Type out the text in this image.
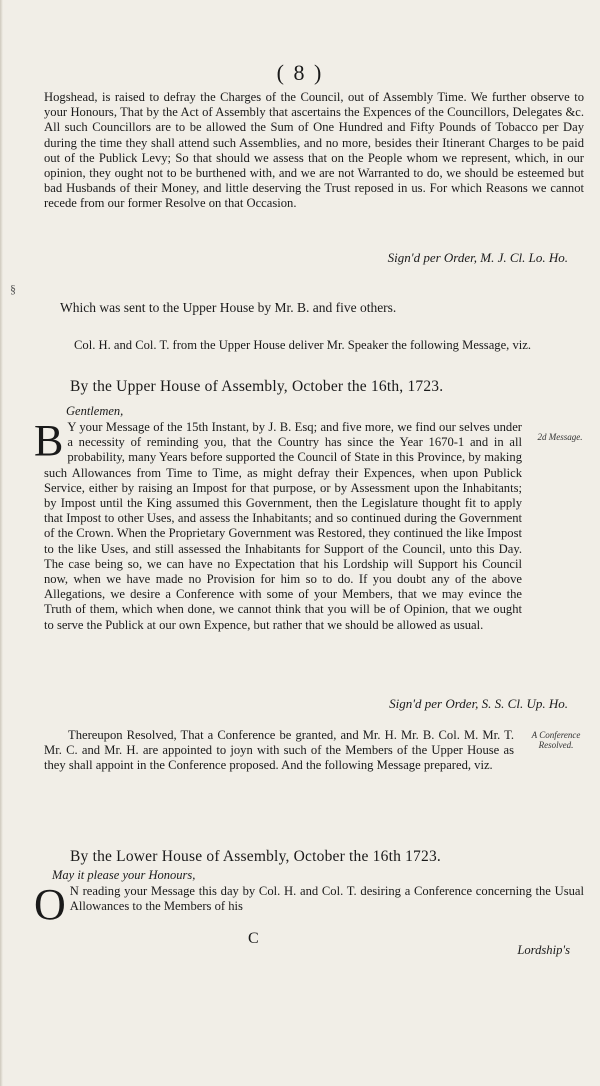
( 8 )
Hogshead, is raised to defray the Charges of the Council, out of Assembly Time. We further observe to your Honours, That by the Act of Assembly that ascertains the Expences of the Councillors, Delegates &c. All such Councillors are to be allowed the Sum of One Hundred and Fifty Pounds of Tobacco per Day during the time they shall attend such Assemblies, and no more, besides their Itinerant Charges to be paid out of the Publick Levy; So that should we assess that on the People whom we represent, which, in our opinion, they ought not to be burthened with, and we are not Warranted to do, we should be esteemed but bad Husbands of their Money, and little deserving the Trust reposed in us. For which Reasons we cannot recede from our former Resolve on that Occasion.
Sign'd per Order, M. J. Cl. Lo. Ho.
§
Which was sent to the Upper House by Mr. B. and five others.
Col. H. and Col. T. from the Upper House deliver Mr. Speaker the following Message, viz.
By the Upper House of Assembly, October the 16th, 1723.
Gentlemen,
2d Message.
B Y your Message of the 15th Instant, by J. B. Esq; and five more, we find our selves under a necessity of reminding you, that the Country has since the Year 1670-1 and in all probability, many Years before supported the Council of State in this Province, by making such Allowances from Time to Time, as might defray their Expences, when upon Publick Service, either by raising an Impost for that purpose, or by Assessment upon the Inhabitants; by Impost until the King assumed this Government, then the Legislature thought fit to apply that Impost to other Uses, and assess the Inhabitants; and so continued during the Government of the Crown. When the Proprietary Government was Restored, they continued the like Impost to the like Uses, and still assessed the Inhabitants for Support of the Council, unto this Day. The case being so, we can have no Expectation that his Lordship will Support his Council now, when we have made no Provision for him so to do. If you doubt any of the above Allegations, we desire a Conference with some of your Members, that we may evince the Truth of them, which when done, we cannot think that you will be of Opinion, that we ought to serve the Publick at our own Expence, but rather that we should be allowed as usual.
Sign'd per Order, S. S. Cl. Up. Ho.
A Conference Resolved.
Thereupon Resolved, That a Conference be granted, and Mr. H. Mr. B. Col. M. Mr. T. Mr. C. and Mr. H. are appointed to joyn with such of the Members of the Upper House as they shall appoint in the Conference proposed. And the following Message prepared, viz.
By the Lower House of Assembly, October the 16th 1723.
May it please your Honours,
O N reading your Message this day by Col. H. and Col. T. desiring a Conference concerning the Usual Allowances to the Members of his
C
Lordship's
